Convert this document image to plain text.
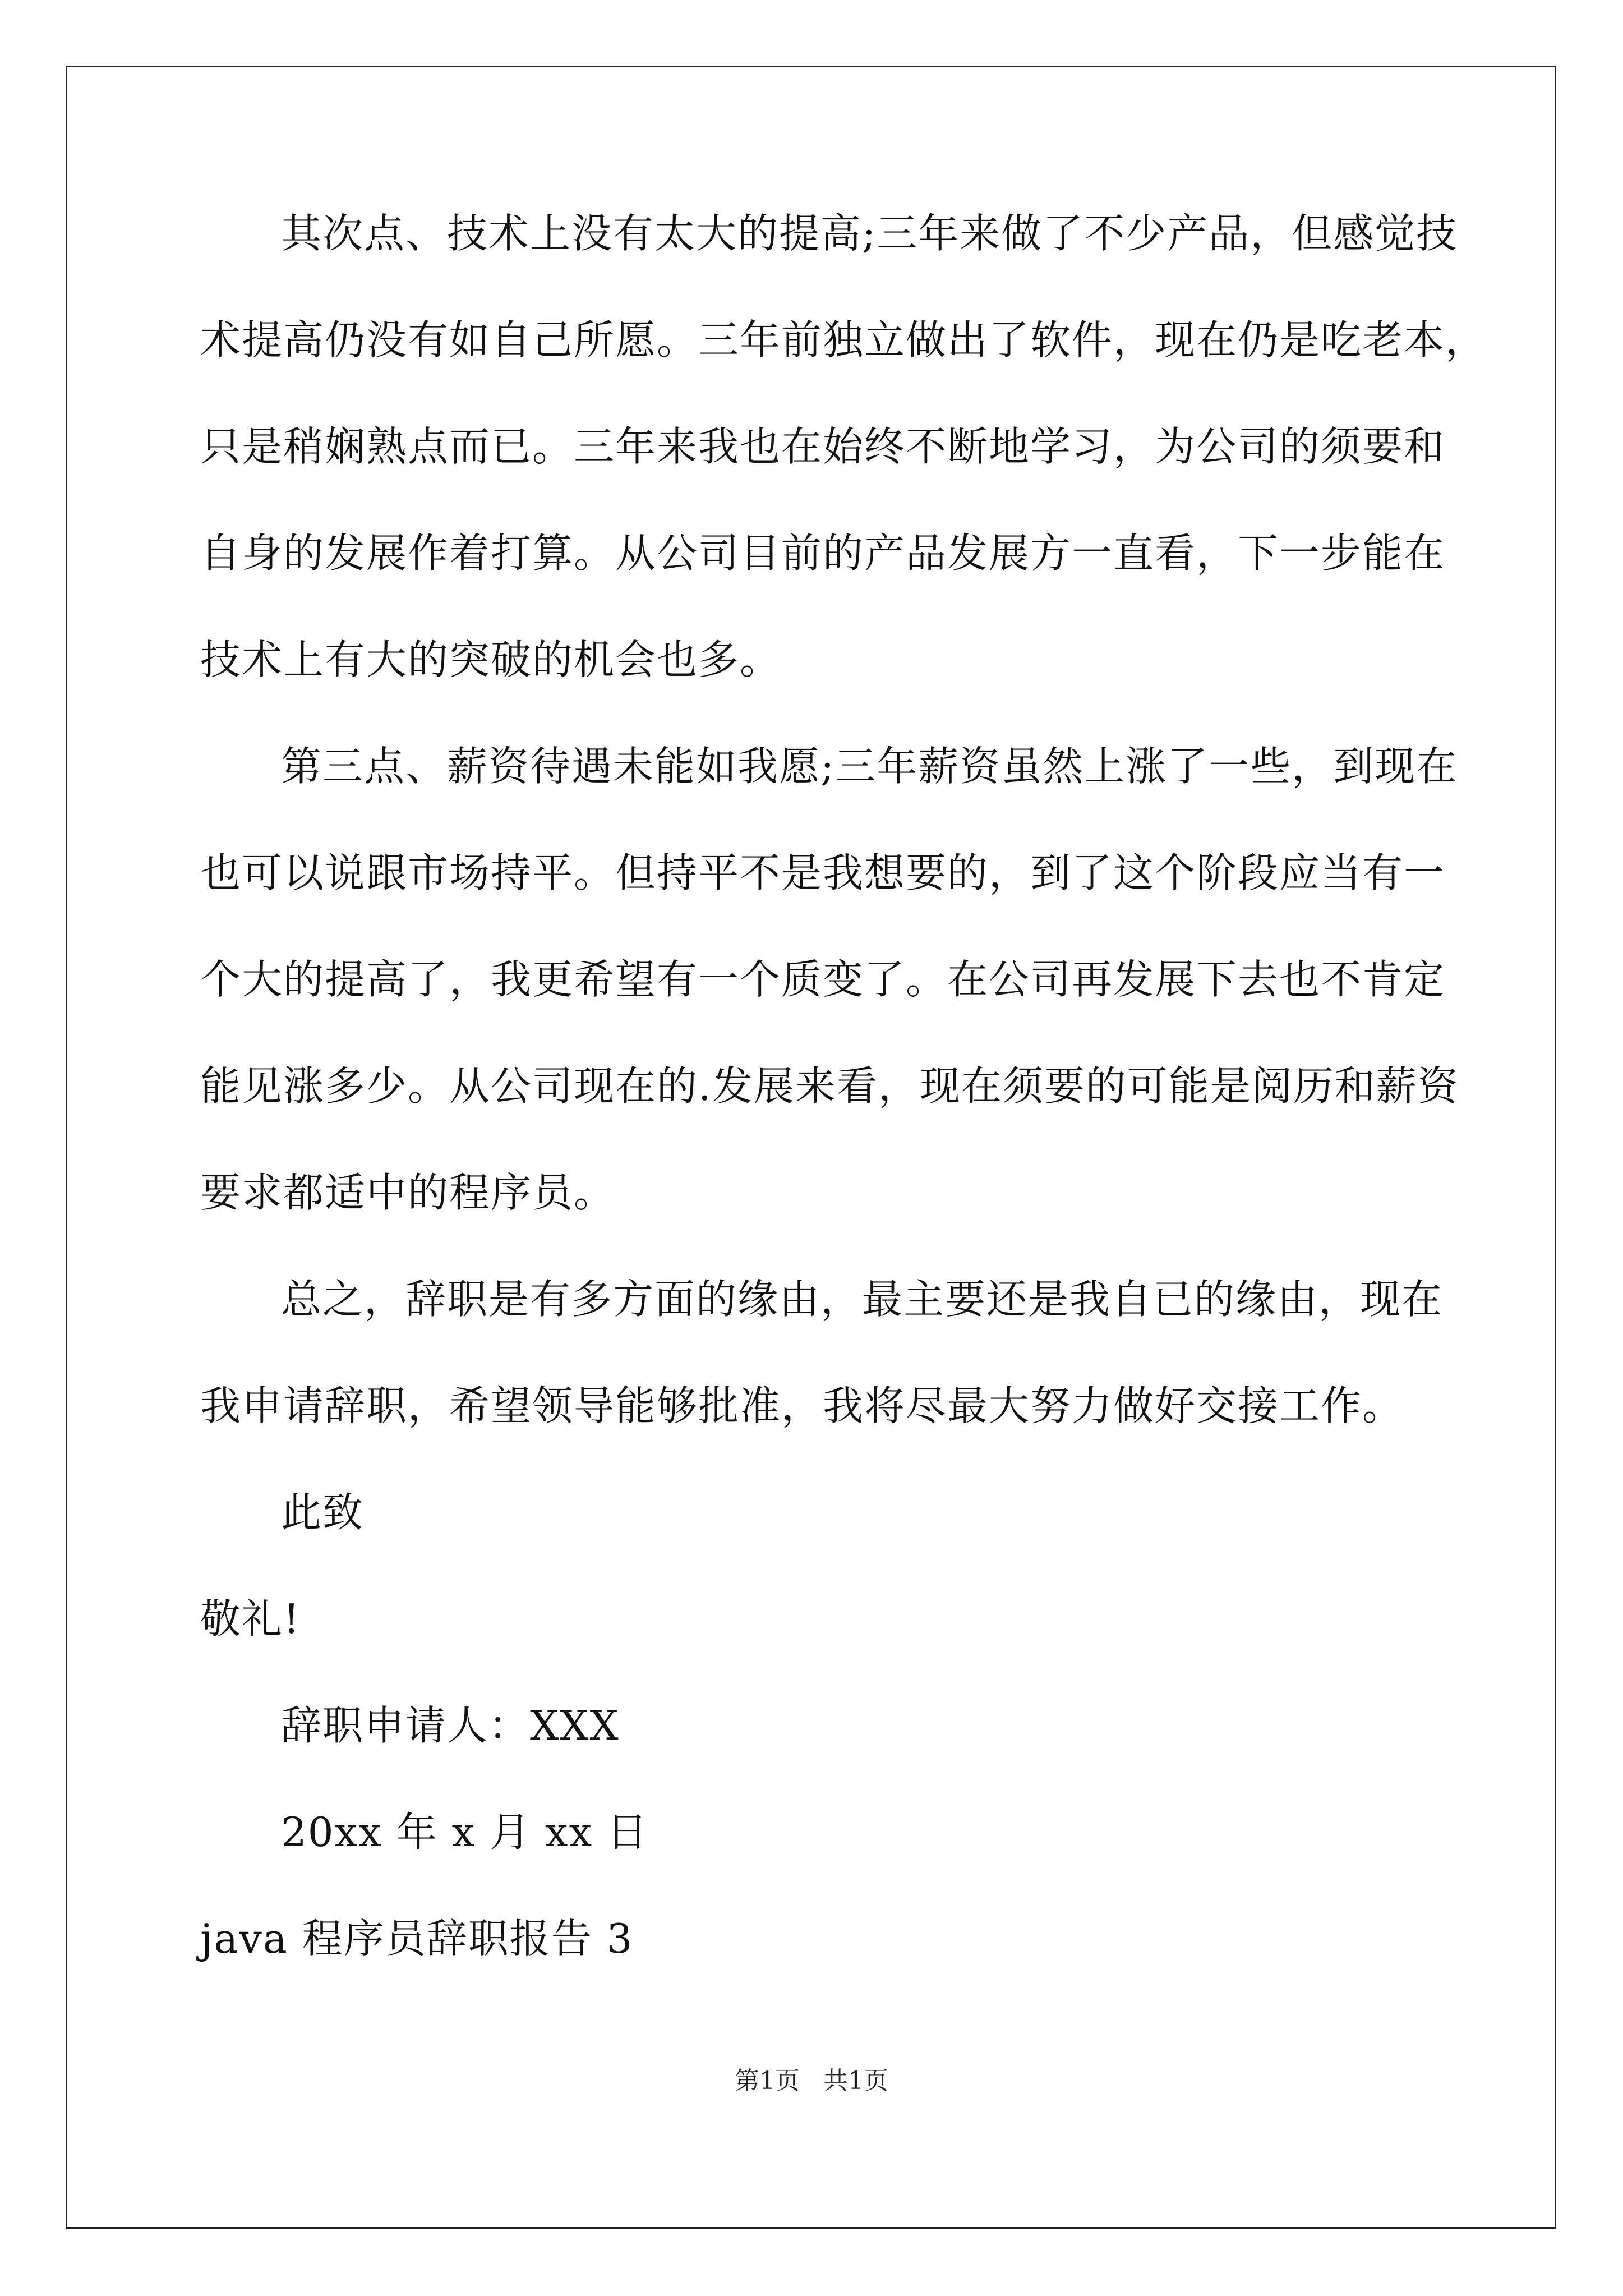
其次点、技术上没有太大的提高;三年来做了不少产品，但感觉技
术提高仍没有如自己所愿。三年前独立做出了软件，现在仍是吃老本，
只是稍娴熟点而已。三年来我也在始终不断地学习，为公司的须要和
自身的发展作着打算。从公司目前的产品发展方一直看，下一步能在
技术上有大的突破的机会也多。
第三点、薪资待遇未能如我愿;三年薪资虽然上涨了一些，到现在
也可以说跟市场持平。但持平不是我想要的，到了这个阶段应当有一
个大的提高了，我更希望有一个质变了。在公司再发展下去也不肯定
能见涨多少。从公司现在的.发展来看，现在须要的可能是阅历和薪资
要求都适中的程序员。
总之，辞职是有多方面的缘由，最主要还是我自已的缘由，现在
我申请辞职，希望领导能够批准，我将尽最大努力做好交接工作。
此致
敬礼!
辞职申请人：XXX
20xx 年 x 月 xx 日
java 程序员辞职报告 3
第1页 共1页
